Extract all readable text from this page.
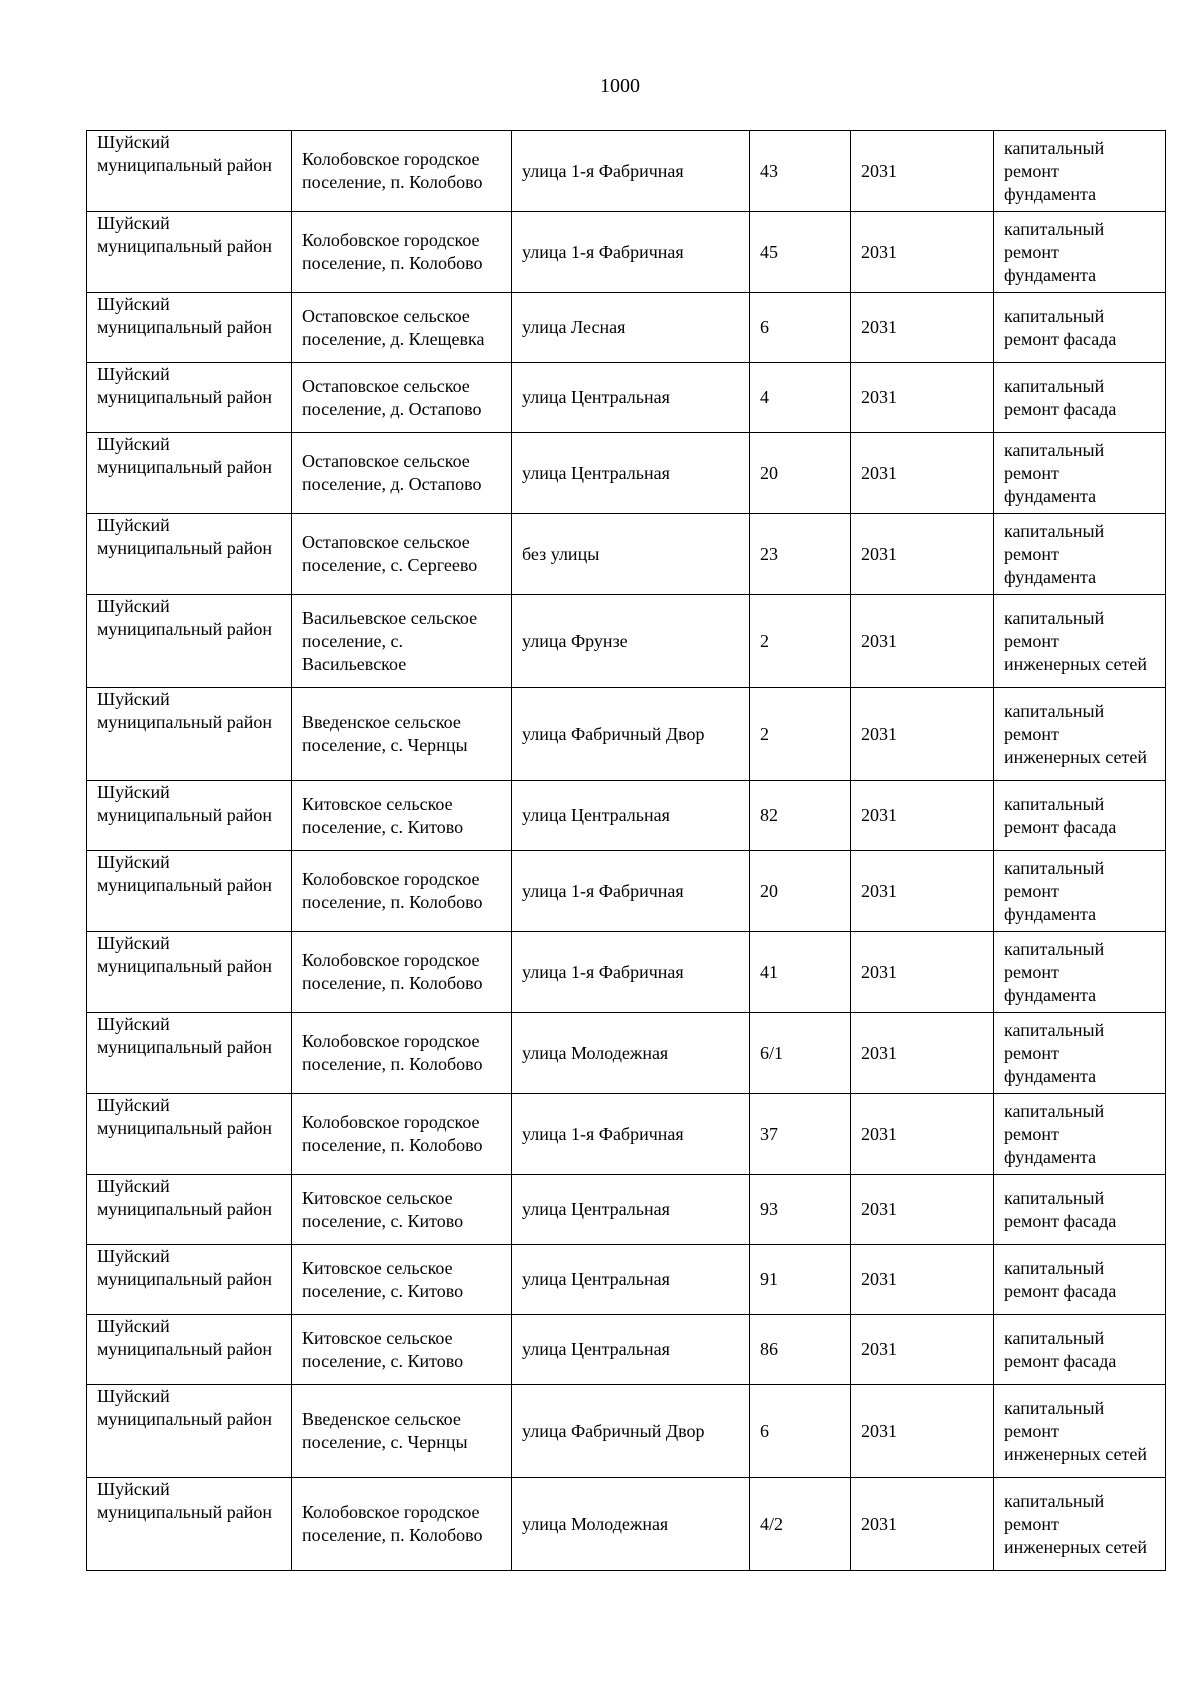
1000
Шуйский муниципальный район	Колобовское городское поселение, п. Колобово	улица 1-я Фабричная	43	2031	капитальный ремонт фундамента
Шуйский муниципальный район	Колобовское городское поселение, п. Колобово	улица 1-я Фабричная	45	2031	капитальный ремонт фундамента
Шуйский муниципальный район	Остаповское сельское поселение, д. Клещевка	улица Лесная	6	2031	капитальный ремонт фасада
Шуйский муниципальный район	Остаповское сельское поселение, д. Остапово	улица Центральная	4	2031	капитальный ремонт фасада
Шуйский муниципальный район	Остаповское сельское поселение, д. Остапово	улица Центральная	20	2031	капитальный ремонт фундамента
Шуйский муниципальный район	Остаповское сельское поселение, с. Сергеево	без улицы	23	2031	капитальный ремонт фундамента
Шуйский муниципальный район	Васильевское сельское поселение, с. Васильевское	улица Фрунзе	2	2031	капитальный ремонт инженерных сетей
Шуйский муниципальный район	Введенское сельское поселение, с. Чернцы	улица Фабричный Двор	2	2031	капитальный ремонт инженерных сетей
Шуйский муниципальный район	Китовское сельское поселение, с. Китово	улица Центральная	82	2031	капитальный ремонт фасада
Шуйский муниципальный район	Колобовское городское поселение, п. Колобово	улица 1-я Фабричная	20	2031	капитальный ремонт фундамента
Шуйский муниципальный район	Колобовское городское поселение, п. Колобово	улица 1-я Фабричная	41	2031	капитальный ремонт фундамента
Шуйский муниципальный район	Колобовское городское поселение, п. Колобово	улица Молодежная	6/1	2031	капитальный ремонт фундамента
Шуйский муниципальный район	Колобовское городское поселение, п. Колобово	улица 1-я Фабричная	37	2031	капитальный ремонт фундамента
Шуйский муниципальный район	Китовское сельское поселение, с. Китово	улица Центральная	93	2031	капитальный ремонт фасада
Шуйский муниципальный район	Китовское сельское поселение, с. Китово	улица Центральная	91	2031	капитальный ремонт фасада
Шуйский муниципальный район	Китовское сельское поселение, с. Китово	улица Центральная	86	2031	капитальный ремонт фасада
Шуйский муниципальный район	Введенское сельское поселение, с. Чернцы	улица Фабричный Двор	6	2031	капитальный ремонт инженерных сетей
Шуйский муниципальный район	Колобовское городское поселение, п. Колобово	улица Молодежная	4/2	2031	капитальный ремонт инженерных сетей
